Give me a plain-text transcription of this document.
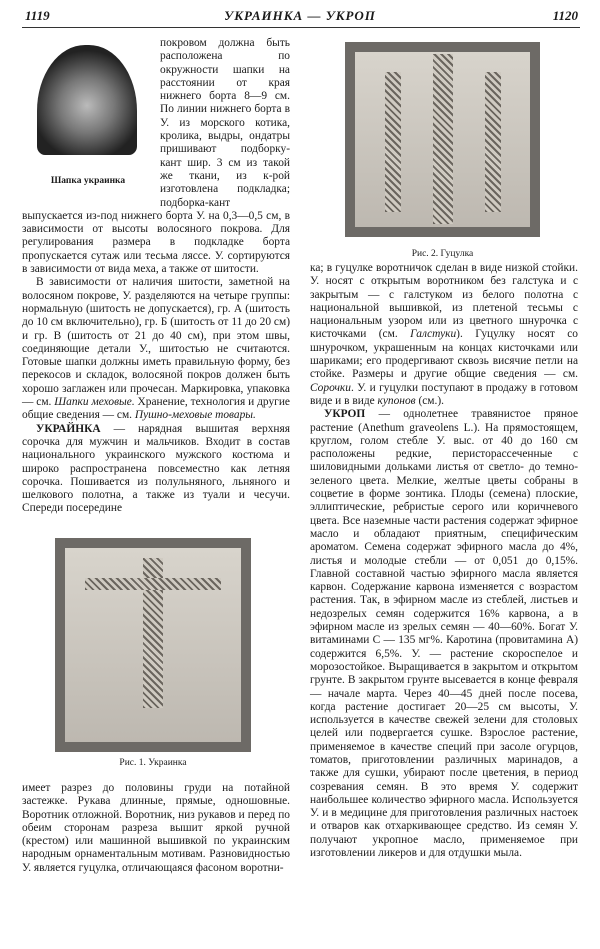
1119	УКРАИНКА — УКРОП	1120
Шапка украинка

покровом должна быть расположена по окружности шапки на расстоянии от края нижнего борта 8—9 см. По линии нижнего борта в У. из морского котика, кролика, выдры, ондатры пришивают подборку-кант шир. 3 см из такой же ткани, из к-рой изготовлена подкладка; подборка-кант выпускается из-под нижнего борта У. на 0,3—0,5 см, в зависимости от высоты волосяного покрова. Для регулирования размера в подкладке борта пропускается сутаж или тесьма ляссе. У. сортируются в зависимости от вида меха, а также от шитости.

В зависимости от наличия шитости, заметной на волосяном покрове, У. разделяются на четыре группы: нормальную (шитость не допускается), гр. А (шитость до 10 см включительно), гр. Б (шитость от 11 до 20 см) и гр. В (шитость от 21 до 40 см), при этом швы, соединяющие детали У., шитостью не считаются. Готовые шапки должны иметь правильную форму, без перекосов и складок, волосяной покров должен быть хорошо заглажен или прочесан. Маркировка, упаковка — см. Шапки меховые. Хранение, технология и другие общие сведения — см. Пушно-меховые товары.

УКРАЙНКА — нарядная вышитая верхняя сорочка для мужчин и мальчиков. Входит в состав национального украинского мужского костюма и широко распространена повсеместно как летняя сорочка. Пошивается из полульняного, льняного и шелкового полотна, а также из туали и чесучи. Спереди посередине

Рис. 1. Украинка

имеет разрез до половины груди на потайной застежке. Рукава длинные, прямые, одношовные. Воротник отложной. Воротник, низ рукавов и перед по обеим сторонам разреза вышит яркой ручной (крестом) или машинной вышивкой по украинским народным орнаментальным мотивам. Разновидностью У. является гуцулка, отличающаяся фасоном воротни-

Рис. 2. Гуцулка

ка; в гуцулке воротничок сделан в виде низкой стойки. У. носят с открытым воротником без галстука и с закрытым — с галстуком из белого полотна с национальной вышивкой, из плетеной тесьмы с национальным узором или из цветного шнурочка с кисточками (см. Галстуки). Гуцулку носят со шнурочком, украшенным на концах кисточками или шариками; его продергивают сквозь висячие петли на стойке. Размеры и другие общие сведения — см. Сорочки. У. и гуцулки поступают в продажу в готовом виде и в виде купонов (см.).

УКРОП — однолетнее травянистое пряное растение (Anethum graveolens L.). На прямостоящем, круглом, голом стебле У. выс. от 40 до 160 см расположены редкие, перисторассеченные с шиловидными дольками листья от светло- до темно-зеленого цвета. Мелкие, желтые цветы собраны в соцветие в форме зонтика. Плоды (семена) плоские, эллиптические, ребристые серого или коричневого цвета. Все наземные части растения содержат эфирное масло и обладают приятным, специфическим ароматом. Семена содержат эфирного масла до 4%, листья и молодые стебли — от 0,051 до 0,15%. Главной составной частью эфирного масла является карвон. Содержание карвона изменяется с возрастом растения. Так, в эфирном масле из стеблей, листьев и недозрелых семян содержится 16% карвона, а в эфирном масле из зрелых семян — 40—60%. Богат У. витаминами С — 135 мг%. Каротина (провитамина А) содержится 6,5%. У. — растение скороспелое и морозостойкое. Выращивается в закрытом и открытом грунте. В закрытом грунте высевается в конце февраля — начале марта. Через 40—45 дней после посева, когда растение достигает 20—25 см высоты, У. используется в качестве свежей зелени для столовых целей или подвергается сушке. Взрослое растение, применяемое в качестве специй при засоле огурцов, томатов, приготовлении различных маринадов, а также для сушки, убирают после цветения, в период созревания семян. В это время У. содержит наибольшее количество эфирного масла. Используется У. и в медицине для приготовления различных настоек и отваров как отхаркивающее средство. Из семян У. получают укропное масло, применяемое при изготовлении ликеров и для отдушки мыла.
